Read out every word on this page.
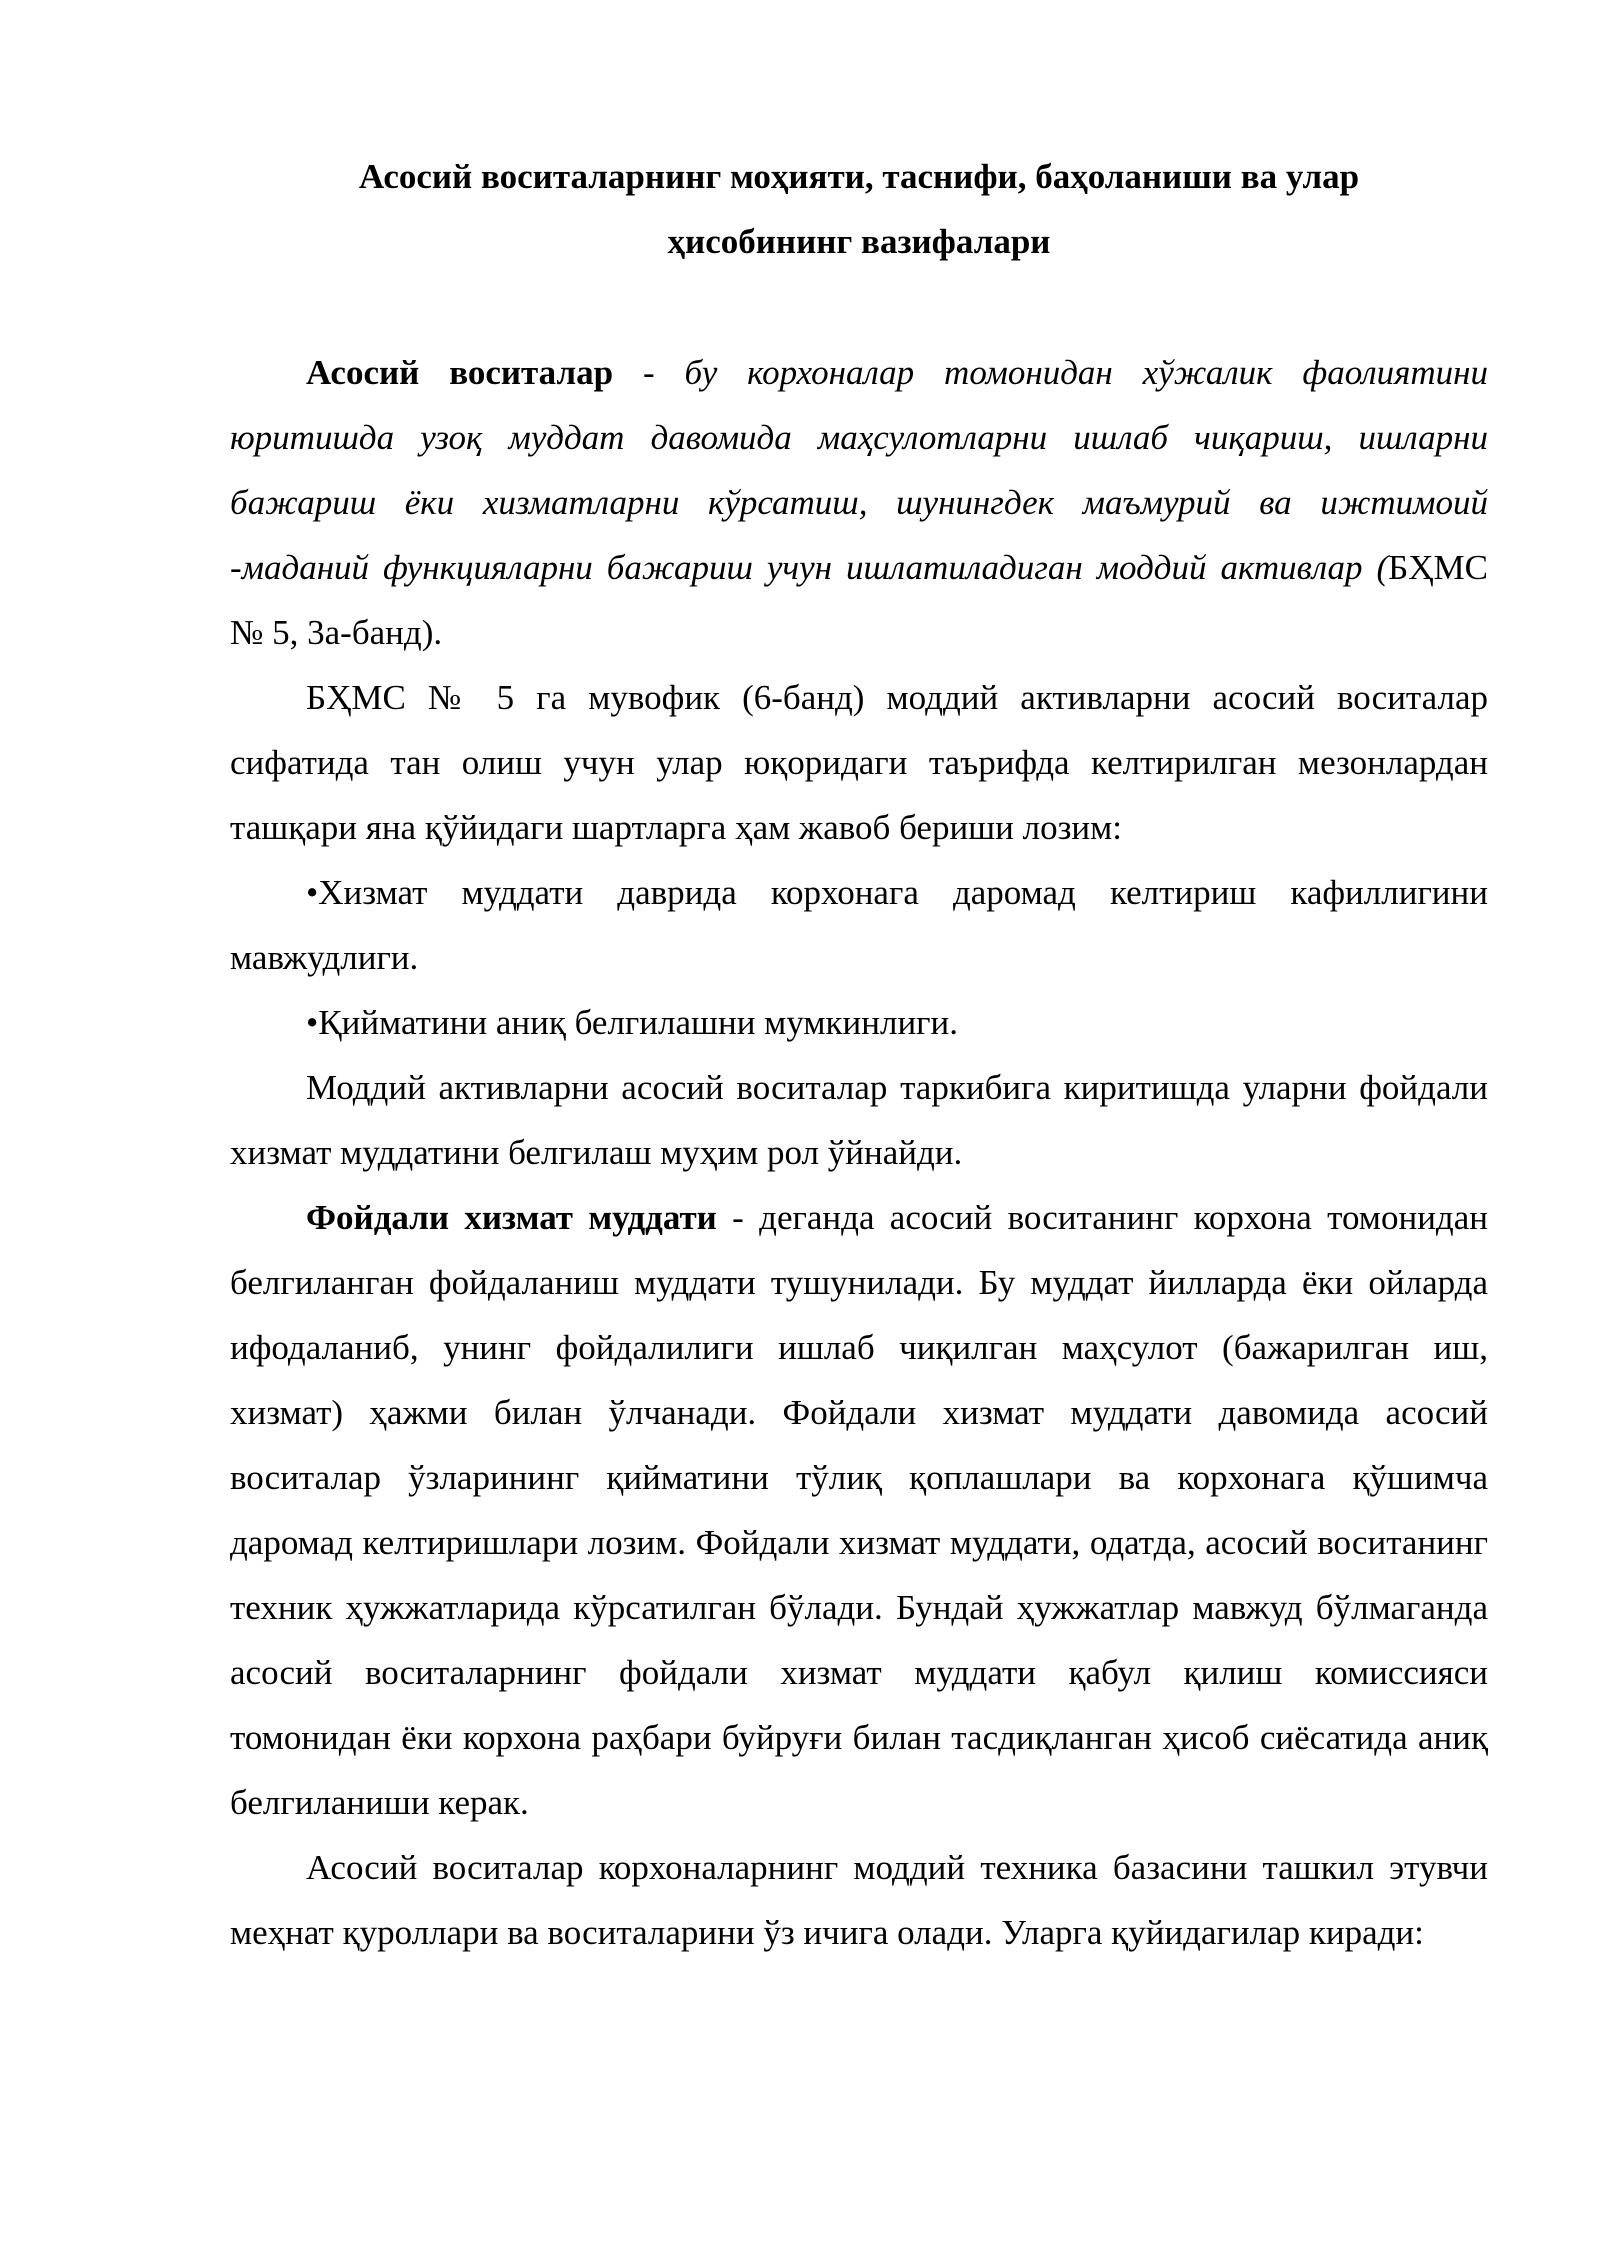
Асосий воситаларнинг моҳияти, таснифи, баҳоланиши ва улар
ҳисобининг вазифалари

Асосий воситалар - бу корхоналар томонидан хўжалик фаолиятини юритишда узоқ муддат давомида маҳсулотларни ишлаб чиқариш, ишларни бажариш ёки хизматларни кўрсатиш, шунингдек маъмурий ва ижтимоий -маданий функцияларни бажариш учун ишлатиладиган моддий активлар (БҲМС № 5, 3а-банд).

БҲМС № 5 га мувофик (6-банд) моддий активларни асосий воситалар сифатида тан олиш учун улар юқоридаги таърифда келтирилган мезонлардан ташқари яна қўйидаги шартларга ҳам жавоб бериши лозим:

•Хизмат муддати даврида корхонага даромад келтириш кафиллигини мавжудлиги.

•Қийматини аниқ белгилашни мумкинлиги.

Моддий активларни асосий воситалар таркибига киритишда уларни фойдали хизмат муддатини белгилаш муҳим рол ўйнайди.

Фойдали хизмат муддати - деганда асосий воситанинг корхона томонидан белгиланган фойдаланиш муддати тушунилади. Бу муддат йилларда ёки ойларда ифодаланиб, унинг фойдалилиги ишлаб чиқилган маҳсулот (бажарилган иш, хизмат) ҳажми билан ўлчанади. Фойдали хизмат муддати давомида асосий воситалар ўзларининг қийматини тўлиқ қоплашлари ва корхонага қўшимча даромад келтиришлари лозим. Фойдали хизмат муддати, одатда, асосий воситанинг техник ҳужжатларида кўрсатилган бўлади. Бундай ҳужжатлар мавжуд бўлмаганда асосий воситаларнинг фойдали хизмат муддати қабул қилиш комиссияси томонидан ёки корхона раҳбари буйруғи билан тасдиқланган ҳисоб сиёсатида аниқ белгиланиши керак.

Асосий воситалар корхоналарнинг моддий техника базасини ташкил этувчи меҳнат қуроллари ва воситаларини ўз ичига олади. Уларга қуйидагилар киради:
